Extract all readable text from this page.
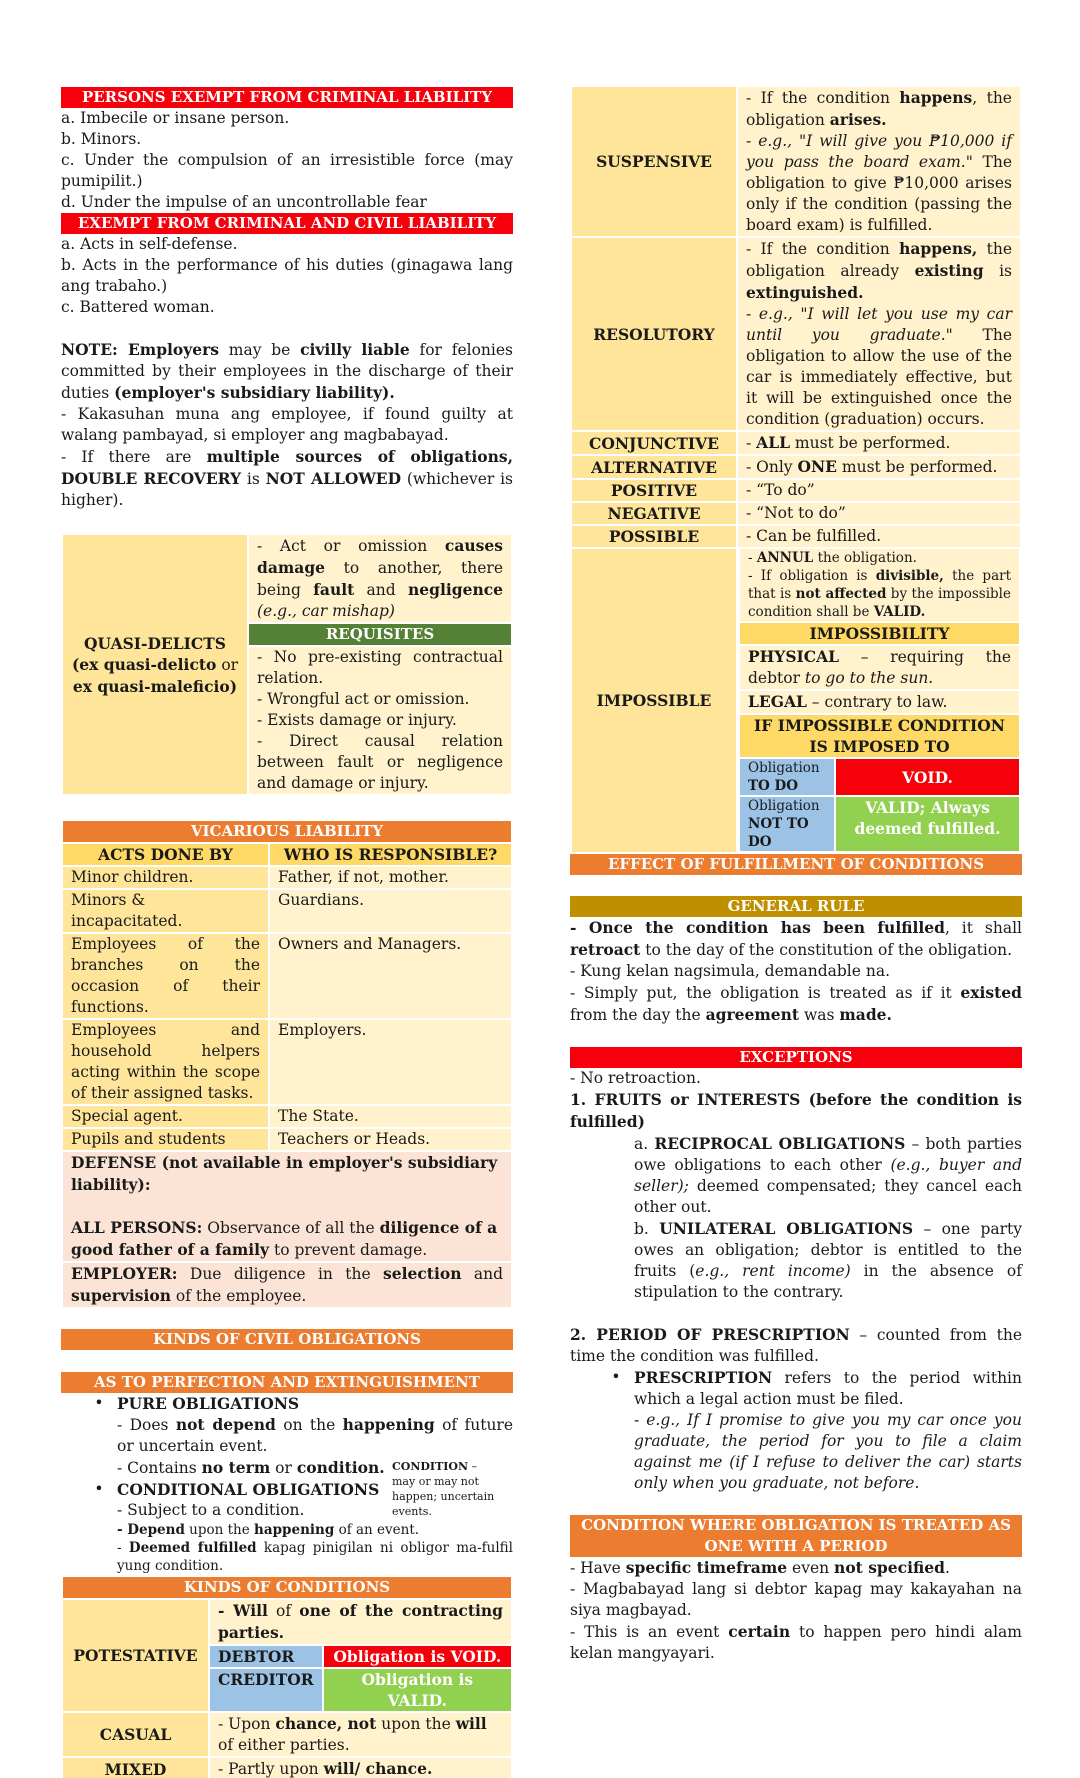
PERSONS EXEMPT FROM CRIMINAL LIABILITY

a. Imbecile or insane person.

b. Minors.

c. Under the compulsion of an irresistible force (may pumipilit.)

d. Under the impulse of an uncontrollable fear

EXEMPT FROM CRIMINAL AND CIVIL LIABILITY

a. Acts in self-defense.

b. Acts in the performance of his duties (ginagawa lang ang trabaho.)

c. Battered woman.

NOTE: Employers may be civilly liable for felonies committed by their employees in the discharge of their duties (employer's subsidiary liability).

- Kakasuhan muna ang employee, if found guilty at walang pambayad, si employer ang magbabayad.

- If there are multiple sources of obligations, DOUBLE RECOVERY is NOT ALLOWED (whichever is higher).

QUASI-DELICTS
(ex quasi-delicto or
ex quasi-maleficio)
	- Act or omission causes damage to another, there being fault and negligence (e.g., car mishap)
REQUISITES

- No pre-existing contractual relation.

- Wrongful act or omission.

- Exists damage or injury.

- Direct causal relation between fault or negligence and damage or injury.

VICARIOUS LIABILITY	
ACTS DONE BY	WHO IS RESPONSIBLE?
Minor children.	Father, if not, mother.
Minors & incapacitated.	Guardians.
Employees of the branches on the occasion of their functions.	Owners and Managers.
Employees and household helpers acting within the scope of their assigned tasks.	Employers.
Special agent.	The State.
Pupils and students	Teachers or Heads.

DEFENSE (not available in employer's subsidiary liability):

ALL PERSONS: Observance of all the diligence of a good father of a family to prevent damage.	

EMPLOYER: Due diligence in the selection and supervision of the employee.	
KINDS OF CIVIL OBLIGATIONS
AS TO PERFECTION AND EXTINGUISHMENT
• PURE OBLIGATIONS

- Does not depend on the happening of future or uncertain event.

- Contains no term or condition.

• CONDITIONAL OBLIGATIONS

- Subject to a condition.

- Depend upon the happening of an event.

- Deemed fulfilled kapag pinigilan ni obligor ma-fulfil yung condition.

CONDITION – may or may not happen; uncertain events.
KINDS OF CONDITIONS		
POTESTATIVE	- Will of one of the contracting parties.	
	DEBTOR	Obligation is VOID.
	CREDITOR	Obligation is VALID.
CASUAL	- Upon chance, not upon the will of either parties.	
MIXED	- Partly upon will/ chance.	
SUSPENSIVE	- If the condition happens, the obligation arises.
- e.g., "I will give you ₱10,000 if you pass the board exam." The obligation to give ₱10,000 arises only if the condition (passing the board exam) is fulfilled.
RESOLUTORY	- If the condition happens, the obligation already existing is extinguished.
- e.g., "I will let you use my car until you graduate." The obligation to allow the use of the car is immediately effective, but it will be extinguished once the condition (graduation) occurs.
CONJUNCTIVE	- ALL must be performed.
ALTERNATIVE	- Only ONE must be performed.
POSITIVE	- “To do”
NEGATIVE	- “Not to do”
POSSIBLE	- Can be fulfilled.
IMPOSSIBLE	

- ANNUL the obligation.

- If obligation is divisible, the part that is not affected by the impossible condition shall be VALID.

IMPOSSIBILITY
PHYSICAL – requiring the debtor to go to the sun.
LEGAL – contrary to law.
IF IMPOSSIBLE CONDITION IS IMPOSED TO

Obligation
TO DO	VOID.

Obligation
NOT TO DO	VALID; Always deemed fulfilled.
EFFECT OF FULFILLMENT OF CONDITIONS
GENERAL RULE

- Once the condition has been fulfilled, it shall retroact to the day of the constitution of the obligation.

- Kung kelan nagsimula, demandable na.

- Simply put, the obligation is treated as if it existed from the day the agreement was made.

EXCEPTIONS

- No retroaction.

1. FRUITS or INTERESTS (before the condition is fulfilled)

a. RECIPROCAL OBLIGATIONS – both parties owe obligations to each other (e.g., buyer and seller); deemed compensated; they cancel each other out.

b. UNILATERAL OBLIGATIONS – one party owes an obligation; debtor is entitled to the fruits (e.g., rent income) in the absence of stipulation to the contrary.

2. PERIOD OF PRESCRIPTION – counted from the time the condition was fulfilled.

• PRESCRIPTION refers to the period within which a legal action must be filed.

- e.g., If I promise to give you my car once you graduate, the period for you to file a claim against me (if I refuse to deliver the car) starts only when you graduate, not before.

CONDITION WHERE OBLIGATION IS TREATED AS ONE WITH A PERIOD

- Have specific timeframe even not specified.

- Magbabayad lang si debtor kapag may kakayahan na siya magbayad.

- This is an event certain to happen pero hindi alam kelan mangyayari.
